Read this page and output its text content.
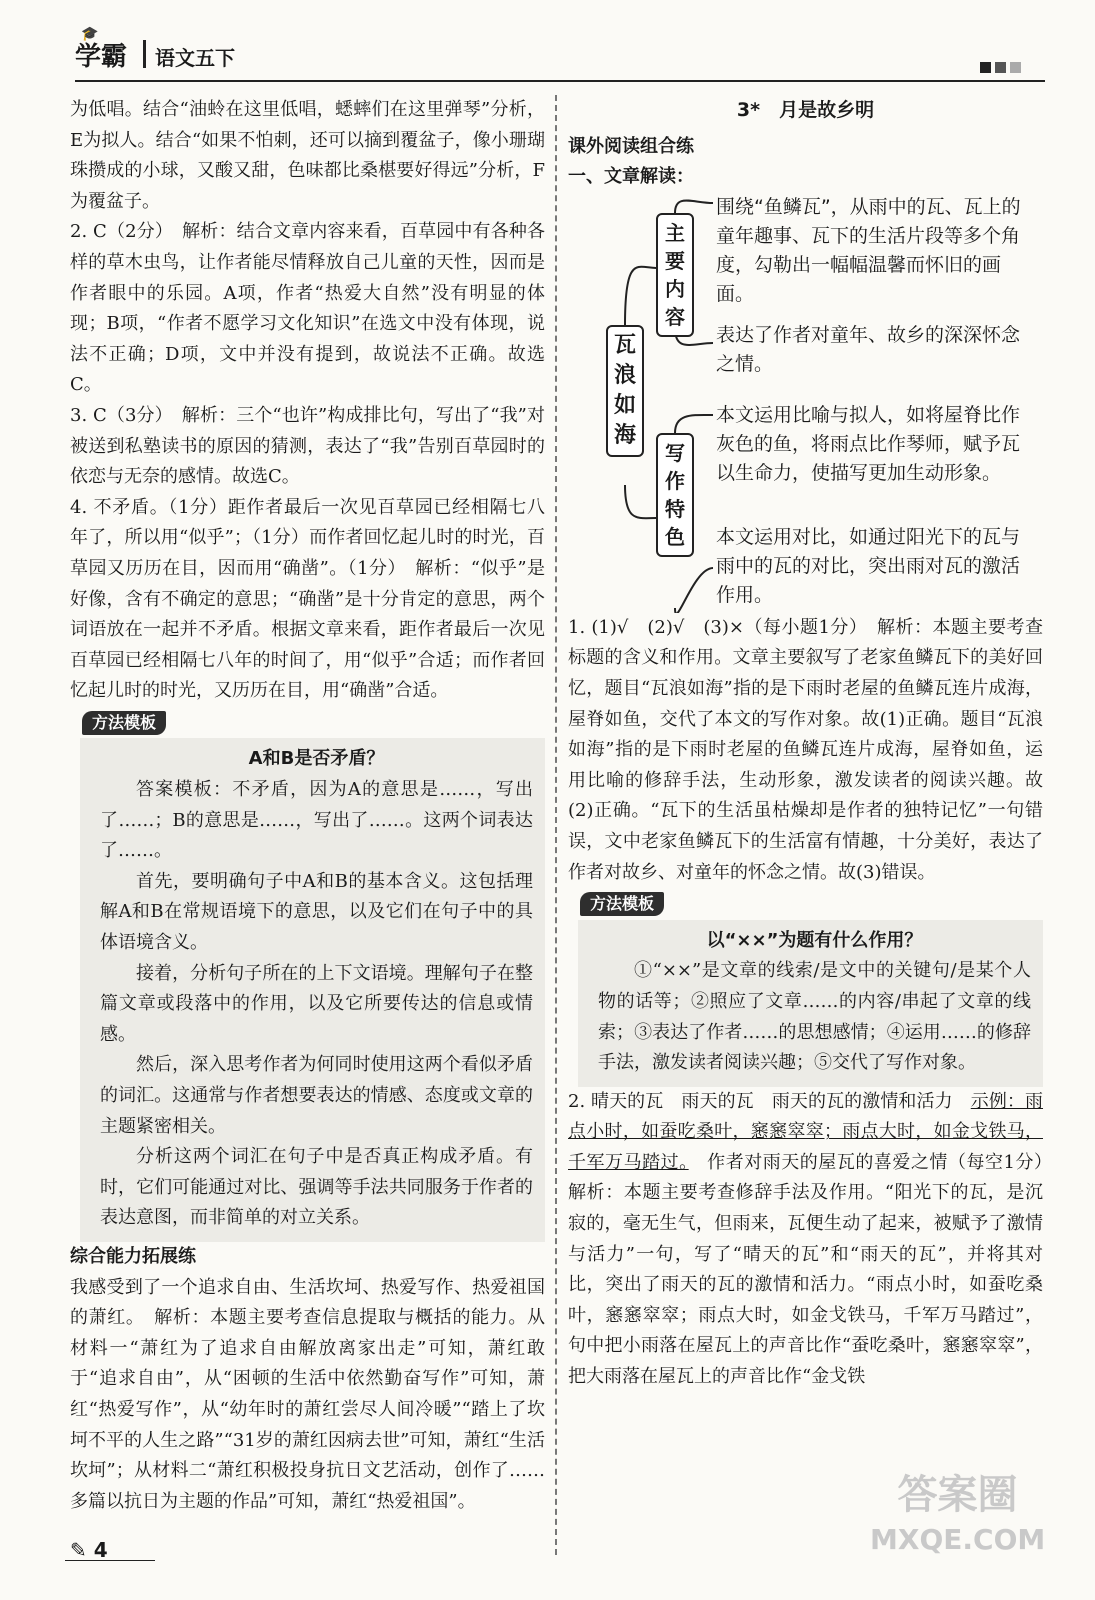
🎓
学霸 语文五下

为低唱。结合“油蛉在这里低唱，蟋蟀们在这里弹琴”分析，E为拟人。结合“如果不怕刺，还可以摘到覆盆子，像小珊瑚珠攒成的小球，又酸又甜，色味都比桑椹要好得远”分析，F为覆盆子。

2. C（2分）　解析：结合文章内容来看，百草园中有各种各样的草木虫鸟，让作者能尽情释放自己儿童的天性，因而是作者眼中的乐园。A项，作者“热爱大自然”没有明显的体现；B项，“作者不愿学习文化知识”在选文中没有体现，说法不正确；D项，文中并没有提到，故说法不正确。故选C。

3. C（3分）　解析：三个“也许”构成排比句，写出了“我”对被送到私塾读书的原因的猜测，表达了“我”告别百草园时的依恋与无奈的感情。故选C。

4. 不矛盾。（1分）距作者最后一次见百草园已经相隔七八年了，所以用“似乎”；（1分）而作者回忆起儿时的时光，百草园又历历在目，因而用“确凿”。（1分）　解析：“似乎”是好像，含有不确定的意思；“确凿”是十分肯定的意思，两个词语放在一起并不矛盾。根据文章来看，距作者最后一次见百草园已经相隔七八年的时间了，用“似乎”合适；而作者回忆起儿时的时光，又历历在目，用“确凿”合适。

方法模板
A和B是否矛盾？

答案模板：不矛盾，因为A的意思是……，写出了……；B的意思是……，写出了……。这两个词表达了……。

首先，要明确句子中A和B的基本含义。这包括理解A和B在常规语境下的意思，以及它们在句子中的具体语境含义。

接着，分析句子所在的上下文语境。理解句子在整篇文章或段落中的作用，以及它所要传达的信息或情感。

然后，深入思考作者为何同时使用这两个看似矛盾的词汇。这通常与作者想要表达的情感、态度或文章的主题紧密相关。

分析这两个词汇在句子中是否真正构成矛盾。有时，它们可能通过对比、强调等手法共同服务于作者的表达意图，而非简单的对立关系。

综合能力拓展练

我感受到了一个追求自由、生活坎坷、热爱写作、热爱祖国的萧红。　解析：本题主要考查信息提取与概括的能力。从材料一“萧红为了追求自由解放离家出走”可知，萧红敢于“追求自由”，从“困顿的生活中依然勤奋写作”可知，萧红“热爱写作”，从“幼年时的萧红尝尽人间冷暖”“踏上了坎坷不平的人生之路”“31岁的萧红因病去世”可知，萧红“生活坎坷”；从材料二“萧红积极投身抗日文艺活动，创作了……多篇以抗日为主题的作品”可知，萧红“热爱祖国”。

3*　月是故乡明
课外阅读组合练
一、文章解读：
瓦浪如海
主要内容
写作特色
围绕“鱼鳞瓦”，从雨中的瓦、瓦上的童年趣事、瓦下的生活片段等多个角度，勾勒出一幅幅温馨而怀旧的画面。
表达了作者对童年、故乡的深深怀念之情。
本文运用比喻与拟人，如将屋脊比作灰色的鱼，将雨点比作琴师，赋予瓦以生命力，使描写更加生动形象。
本文运用对比，如通过阳光下的瓦与雨中的瓦的对比，突出雨对瓦的激活作用。

1. (1)√　(2)√　(3)×（每小题1分）　解析：本题主要考查标题的含义和作用。文章主要叙写了老家鱼鳞瓦下的美好回忆，题目“瓦浪如海”指的是下雨时老屋的鱼鳞瓦连片成海，屋脊如鱼，交代了本文的写作对象。故(1)正确。题目“瓦浪如海”指的是下雨时老屋的鱼鳞瓦连片成海，屋脊如鱼，运用比喻的修辞手法，生动形象，激发读者的阅读兴趣。故(2)正确。“瓦下的生活虽枯燥却是作者的独特记忆”一句错误，文中老家鱼鳞瓦下的生活富有情趣，十分美好，表达了作者对故乡、对童年的怀念之情。故(3)错误。

方法模板
以“××”为题有什么作用？

①“××”是文章的线索/是文中的关键句/是某个人物的话等；②照应了文章……的内容/串起了文章的线索；③表达了作者……的思想感情；④运用……的修辞手法，激发读者阅读兴趣；⑤交代了写作对象。

2. 晴天的瓦　雨天的瓦　雨天的瓦的激情和活力　示例：雨点小时，如蚕吃桑叶，窸窸窣窣；雨点大时，如金戈铁马，千军万马踏过。　作者对雨天的屋瓦的喜爱之情（每空1分）　解析：本题主要考查修辞手法及作用。“阳光下的瓦，是沉寂的，毫无生气，但雨来，瓦便生动了起来，被赋予了激情与活力”一句，写了“晴天的瓦”和“雨天的瓦”，并将其对比，突出了雨天的瓦的激情和活力。“雨点小时，如蚕吃桑叶，窸窸窣窣；雨点大时，如金戈铁马，千军万马踏过”，句中把小雨落在屋瓦上的声音比作“蚕吃桑叶，窸窸窣窣”，把大雨落在屋瓦上的声音比作“金戈铁

✎ 4
答案圈
MXQE.COM
